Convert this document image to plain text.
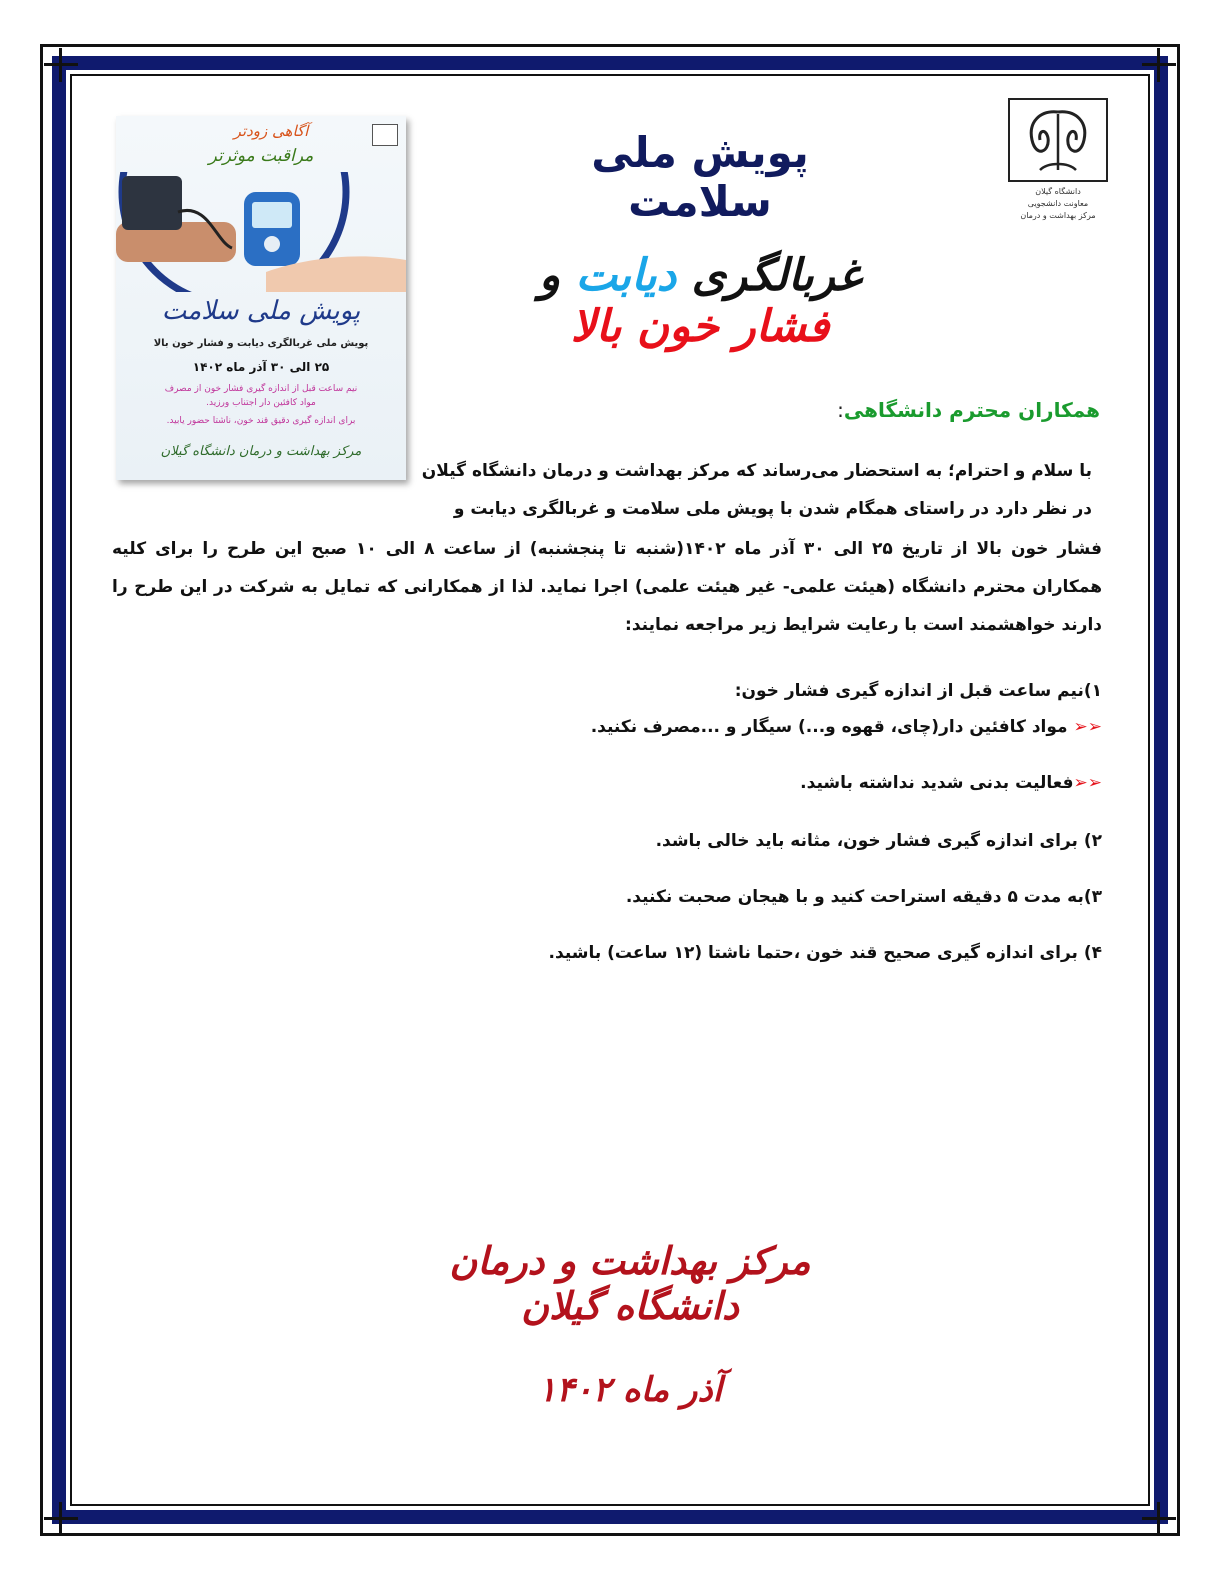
دانشگاه گیلان
معاونت دانشجویی
مرکز بهداشت و درمان
پویش ملی سلامت
غربالگری دیابت و فشار خون بالا
آگاهی زودتر
مراقبت موثرتر
پویش ملی سلامت
پویش ملی غربالگری دیابت و فشار خون بالا
۲۵ الی ۳۰ آذر ماه ۱۴۰۲
نیم ساعت قبل از اندازه گیری فشار خون از مصرف
مواد کافئین دار اجتناب ورزید.
برای اندازه گیری دقیق قند خون، ناشتا حضور یابید.
مرکز بهداشت و درمان دانشگاه گیلان
همکاران محترم دانشگاهی:
با سلام و احترام؛ به استحضار می‌رساند که مرکز بهداشت و درمان دانشگاه گیلان
در نظر دارد در راستای همگام شدن با پویش ملی سلامت و غربالگری دیابت و
فشار خون بالا از تاریخ ۲۵ الی ۳۰ آذر ماه ۱۴۰۲(شنبه تا پنجشنبه) از ساعت ۸ الی ۱۰ صبح این طرح را برای کلیه
همکاران محترم دانشگاه (هیئت علمی- غیر هیئت علمی) اجرا نماید. لذا از همکارانی که تمایل به شرکت در این طرح را
دارند خواهشمند است با رعایت شرایط زیر مراجعه نمایند:
۱)نیم ساعت قبل از اندازه گیری فشار خون:
➢➢ مواد کافئین دار(چای، قهوه و...) سیگار و ...مصرف نکنید.
➢➢فعالیت بدنی شدید نداشته باشید.
۲) برای اندازه گیری فشار خون، مثانه باید خالی باشد.
۳)به مدت ۵ دقیقه استراحت کنید و با هیجان صحبت نکنید.
۴) برای اندازه گیری صحیح قند خون ،حتما ناشتا (۱۲ ساعت) باشید.
مرکز بهداشت و درمان دانشگاه گیلان
آذر ماه ۱۴۰۲
